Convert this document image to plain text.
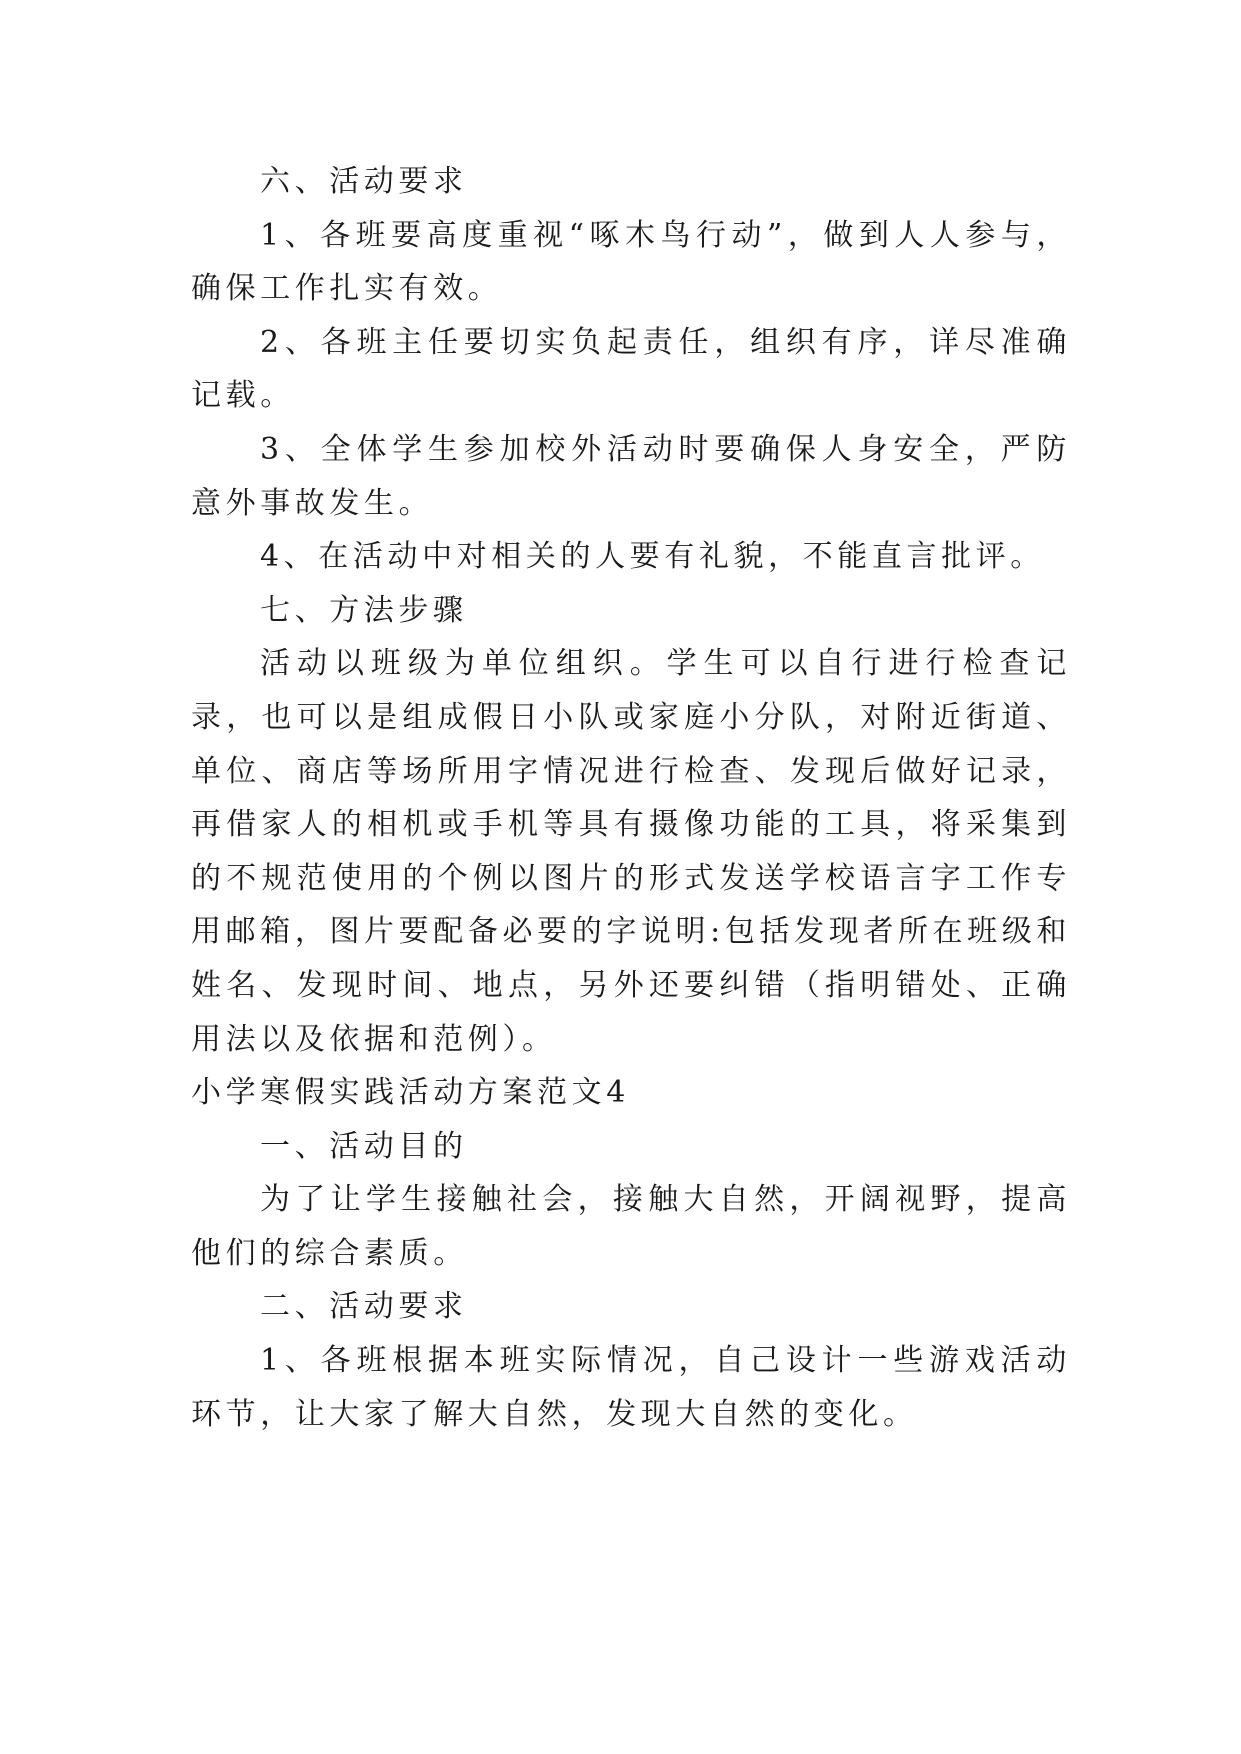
六、活动要求

1、各班要高度重视“啄木鸟行动”，做到人人参与，确保工作扎实有效。

2、各班主任要切实负起责任，组织有序，详尽准确记载。

3、全体学生参加校外活动时要确保人身安全，严防意外事故发生。

4、在活动中对相关的人要有礼貌，不能直言批评。

七、方法步骤

活动以班级为单位组织。学生可以自行进行检查记录，也可以是组成假日小队或家庭小分队，对附近街道、单位、商店等场所用字情况进行检查、发现后做好记录，再借家人的相机或手机等具有摄像功能的工具，将采集到的不规范使用的个例以图片的形式发送学校语言字工作专用邮箱，图片要配备必要的字说明:包括发现者所在班级和姓名、发现时间、地点，另外还要纠错（指明错处、正确用法以及依据和范例）。

小学寒假实践活动方案范文4

一、活动目的

为了让学生接触社会，接触大自然，开阔视野，提高他们的综合素质。

二、活动要求

1、各班根据本班实际情况，自己设计一些游戏活动环节，让大家了解大自然，发现大自然的变化。
